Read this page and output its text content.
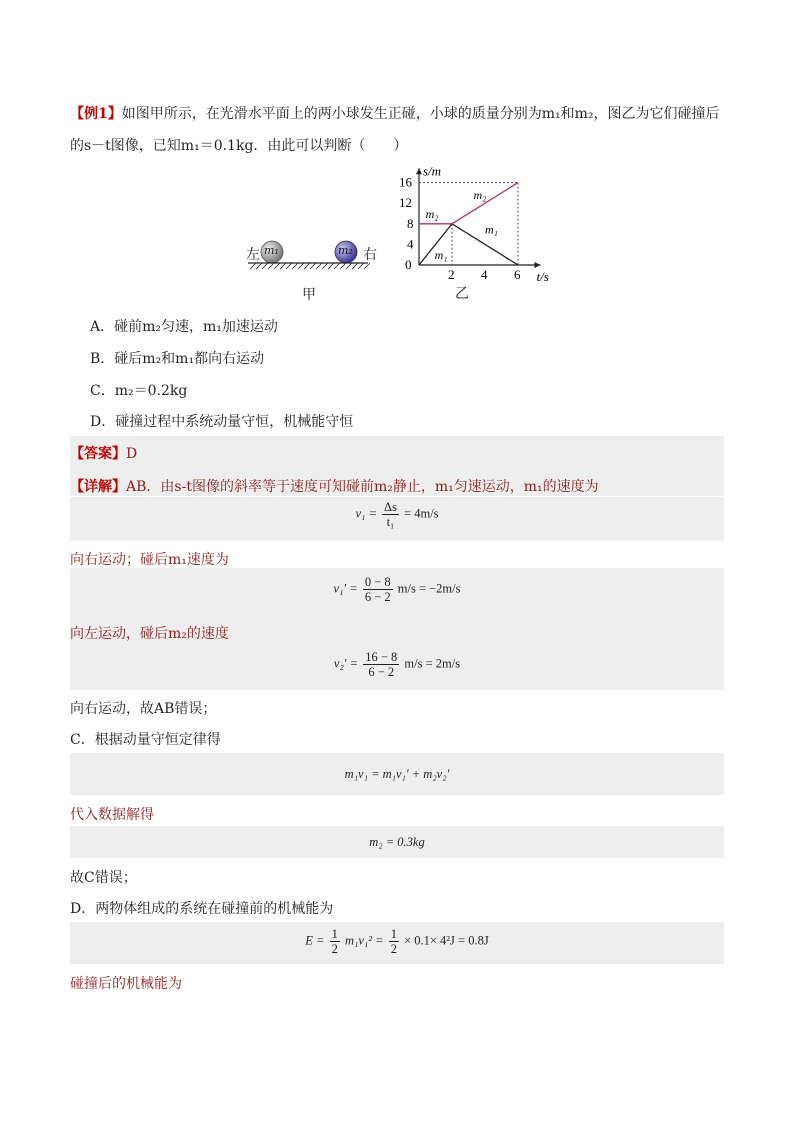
【例1】如图甲所示，在光滑水平面上的两小球发生正碰，小球的质量分别为m₁和m₂，图乙为它们碰撞后
的s－t图像，已知m₁＝0.1kg．由此可以判断（　　）
左	右
m₁	m₂
甲
t/s
s/m
0
2 4 6
4
8
12
16
m₂
m₁
m₂
m₁
乙
A．碰前m₂匀速，m₁加速运动
B．碰后m₂和m₁都向右运动
C．m₂＝0.2kg
D．碰撞过程中系统动量守恒，机械能守恒
【答案】D
【详解】AB．由s-t图像的斜率等于速度可知碰前m₂静止，m₁匀速运动，m₁的速度为
$v_1 = \frac{\Delta s}{\text{t₁}} = 4m/s$
向右运动；碰后m₁速度为
$v_1' = \frac{0 - 8}{6 - 2} m/s = -2m/s$
向左运动，碰后m₂的速度
$v_2' = \frac{16 - 8}{6 - 2} m/s = 2m/s$
向右运动，故AB错误；
C．根据动量守恒定律得
m₁v₁ = m₁v₁′ + m₂v₂′
代入数据解得
m₂ = 0.3kg
故C错误；
D．两物体组成的系统在碰撞前的机械能为
$E = \frac{1}{2} m_1v_1^2 = \frac{1}{2} \times 0.1\times 4^2J = 0.8J$
碰撞后的机械能为
